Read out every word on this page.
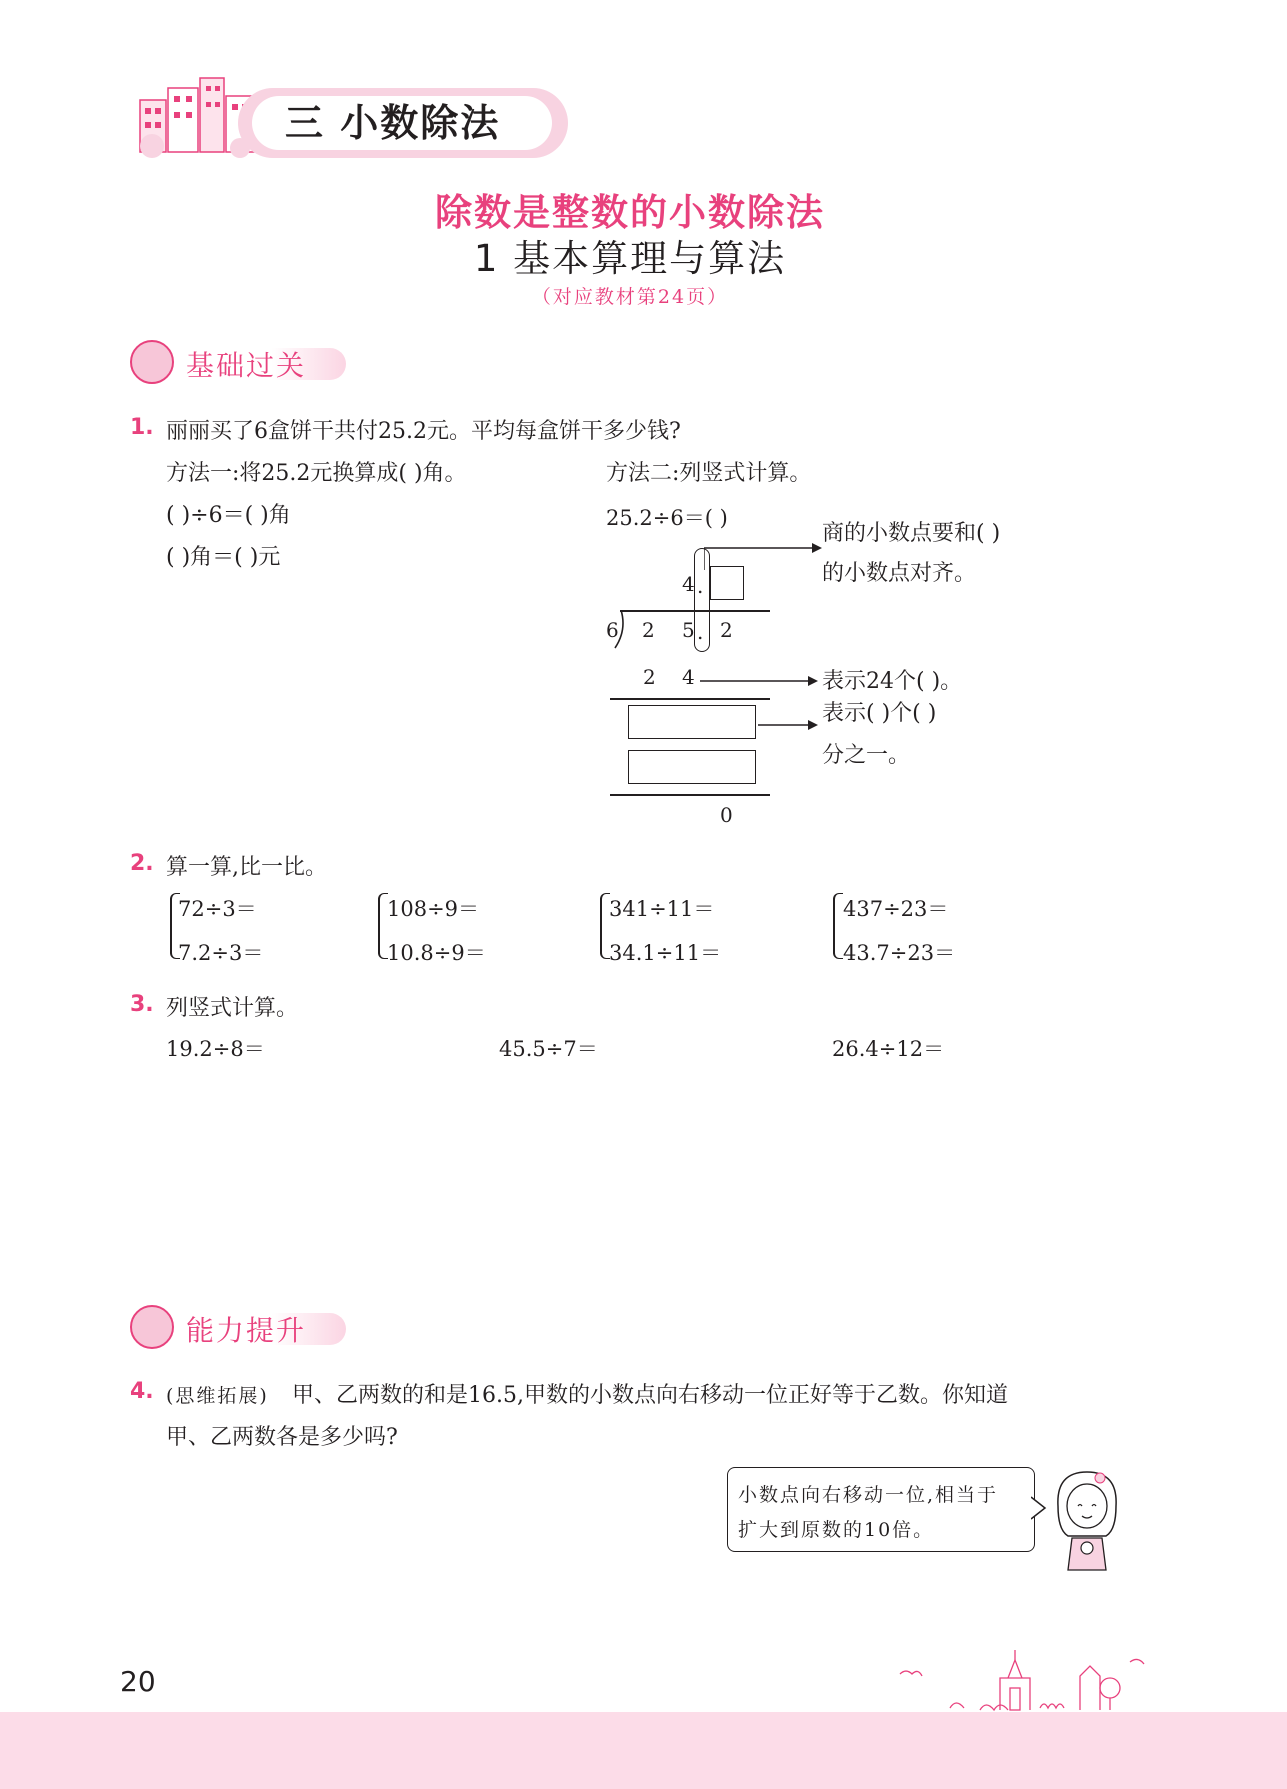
三 小数除法
除数是整数的小数除法
1 基本算理与算法
（对应教材第24页）
基础过关
1. 丽丽买了6盒饼干共付25.2元。平均每盒饼干多少钱?
方法一:将25.2元换算成( )角。
( )÷6＝( )角
( )角＝( )元
方法二:列竖式计算。
25.2÷6＝( )
4 .
6 2 5 . 2
2 4
0
商的小数点要和( )
的小数点对齐。
表示24个( )。
表示( )个( )
分之一。
2. 算一算,比一比。
72÷3＝
7.2÷3＝
108÷9＝
10.8÷9＝
341÷11＝
34.1÷11＝
437÷23＝
43.7÷23＝
3. 列竖式计算。
19.2÷8＝	45.5÷7＝	26.4÷12＝
能力提升
4. (思维拓展) 甲、乙两数的和是16.5,甲数的小数点向右移动一位正好等于乙数。你知道
甲、乙两数各是多少吗?
小数点向右移动一位,相当于
扩大到原数的10倍。
20
